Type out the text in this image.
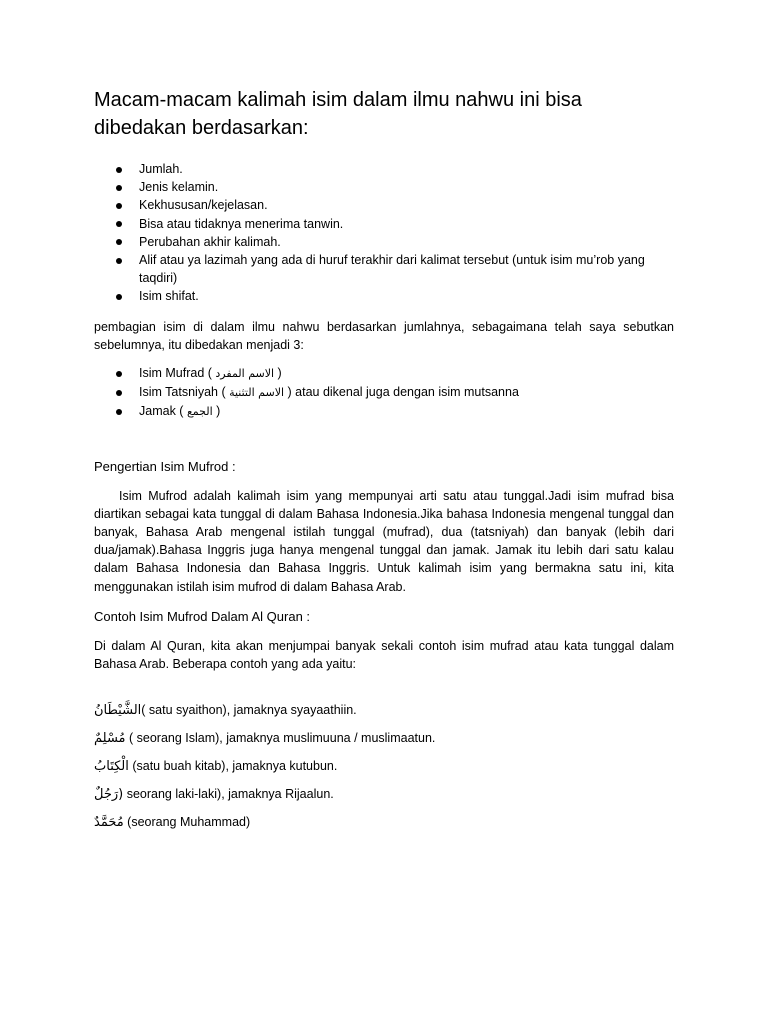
Macam-macam kalimah isim dalam ilmu nahwu ini bisa dibedakan berdasarkan:
Jumlah.
Jenis kelamin.
Kekhususan/kejelasan.
Bisa atau tidaknya menerima tanwin.
Perubahan akhir kalimah.
Alif atau ya lazimah yang ada di huruf terakhir dari kalimat tersebut (untuk isim mu’rob yang taqdiri)
Isim shifat.

pembagian isim di dalam ilmu nahwu berdasarkan jumlahnya, sebagaimana telah saya sebutkan sebelumnya, itu dibedakan menjadi 3:

Isim Mufrad ( الاسم المفرد )
Isim Tatsniyah ( الاسم التثنية ) atau dikenal juga dengan isim mutsanna
Jamak ( الجمع )
Pengertian Isim Mufrod :

Isim Mufrod adalah kalimah isim yang mempunyai arti satu atau tunggal.Jadi isim mufrad bisa diartikan sebagai kata tunggal di dalam Bahasa Indonesia.Jika bahasa Indonesia mengenal tunggal dan banyak, Bahasa Arab mengenal istilah tunggal (mufrad), dua (tatsniyah) dan banyak (lebih dari dua/jamak).Bahasa Inggris juga hanya mengenal tunggal dan jamak. Jamak itu lebih dari satu kalau dalam Bahasa Indonesia dan Bahasa Inggris. Untuk kalimah isim yang bermakna satu ini, kita menggunakan istilah isim mufrod di dalam Bahasa Arab.

Contoh Isim Mufrod Dalam Al Quran :

Di dalam Al Quran, kita akan menjumpai banyak sekali contoh isim mufrad atau kata tunggal dalam Bahasa Arab. Beberapa contoh yang ada yaitu:

الشَّيْطَانُ( satu syaithon), jamaknya syayaathiin.

مُسْلِمٌ ( seorang Islam), jamaknya muslimuuna / muslimaatun.

الْكِتَابُ (satu buah kitab), jamaknya kutubun.

(رَجُلٌ seorang laki-laki), jamaknya Rijaalun.

مُحَمَّدٌ (seorang Muhammad)
